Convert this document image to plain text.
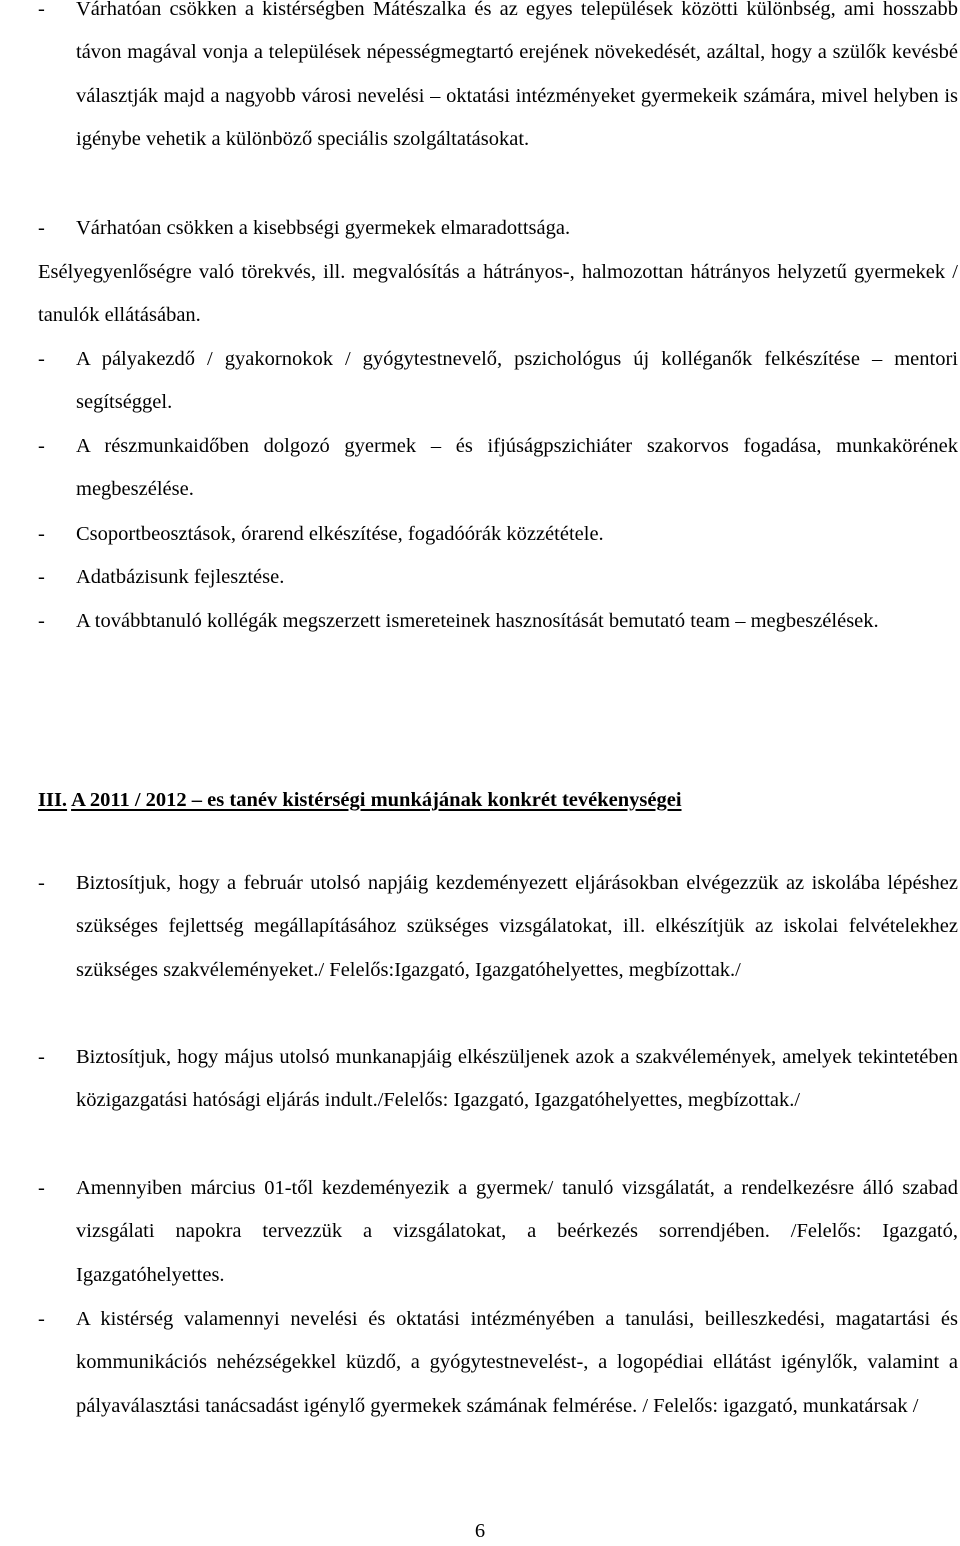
- Várhatóan csökken a kistérségben Mátészalka és az egyes települések közötti különbség, ami hosszabb távon magával vonja a települések népességmegtartó erejének növekedését, azáltal, hogy a szülők kevésbé választják majd a nagyobb városi nevelési – oktatási intézményeket gyermekeik számára, mivel helyben is igénybe vehetik a különböző speciális szolgáltatásokat.
- Várhatóan csökken a kisebbségi gyermekek elmaradottsága.
Esélyegyenlőségre való törekvés, ill. megvalósítás a hátrányos-, halmozottan hátrányos helyzetű gyermekek / tanulók ellátásában.
- A pályakezdő / gyakornokok / gyógytestnevelő, pszichológus új kolléganők felkészítése – mentori segítséggel.
- A részmunkaidőben dolgozó gyermek – és ifjúságpszichiáter szakorvos fogadása, munkakörének megbeszélése.
- Csoportbeosztások, órarend elkészítése, fogadóórák közzététele.
- Adatbázisunk fejlesztése.
- A továbbtanuló kollégák megszerzett ismereteinek hasznosítását bemutató team – megbeszélések.
III. A 2011 / 2012 – es tanév kistérségi munkájának konkrét tevékenységei
- Biztosítjuk, hogy a február utolsó napjáig kezdeményezett eljárásokban elvégezzük az iskolába lépéshez szükséges fejlettség megállapításához szükséges vizsgálatokat, ill. elkészítjük az iskolai felvételekhez szükséges szakvéleményeket./ Felelős:Igazgató, Igazgatóhelyettes, megbízottak./
- Biztosítjuk, hogy május utolsó munkanapjáig elkészüljenek azok a szakvélemények, amelyek tekintetében közigazgatási hatósági eljárás indult./Felelős: Igazgató, Igazgatóhelyettes, megbízottak./
- Amennyiben március 01-től kezdeményezik a gyermek/ tanuló vizsgálatát, a rendelkezésre álló szabad vizsgálati napokra tervezzük a vizsgálatokat, a beérkezés sorrendjében. /Felelős: Igazgató, Igazgatóhelyettes.
- A kistérség valamennyi nevelési és oktatási intézményében a tanulási, beilleszkedési, magatartási és kommunikációs nehézségekkel küzdő, a gyógytestnevelést-, a logopédiai ellátást igénylők, valamint a pályaválasztási tanácsadást igénylő gyermekek számának felmérése. / Felelős: igazgató, munkatársak /
6
